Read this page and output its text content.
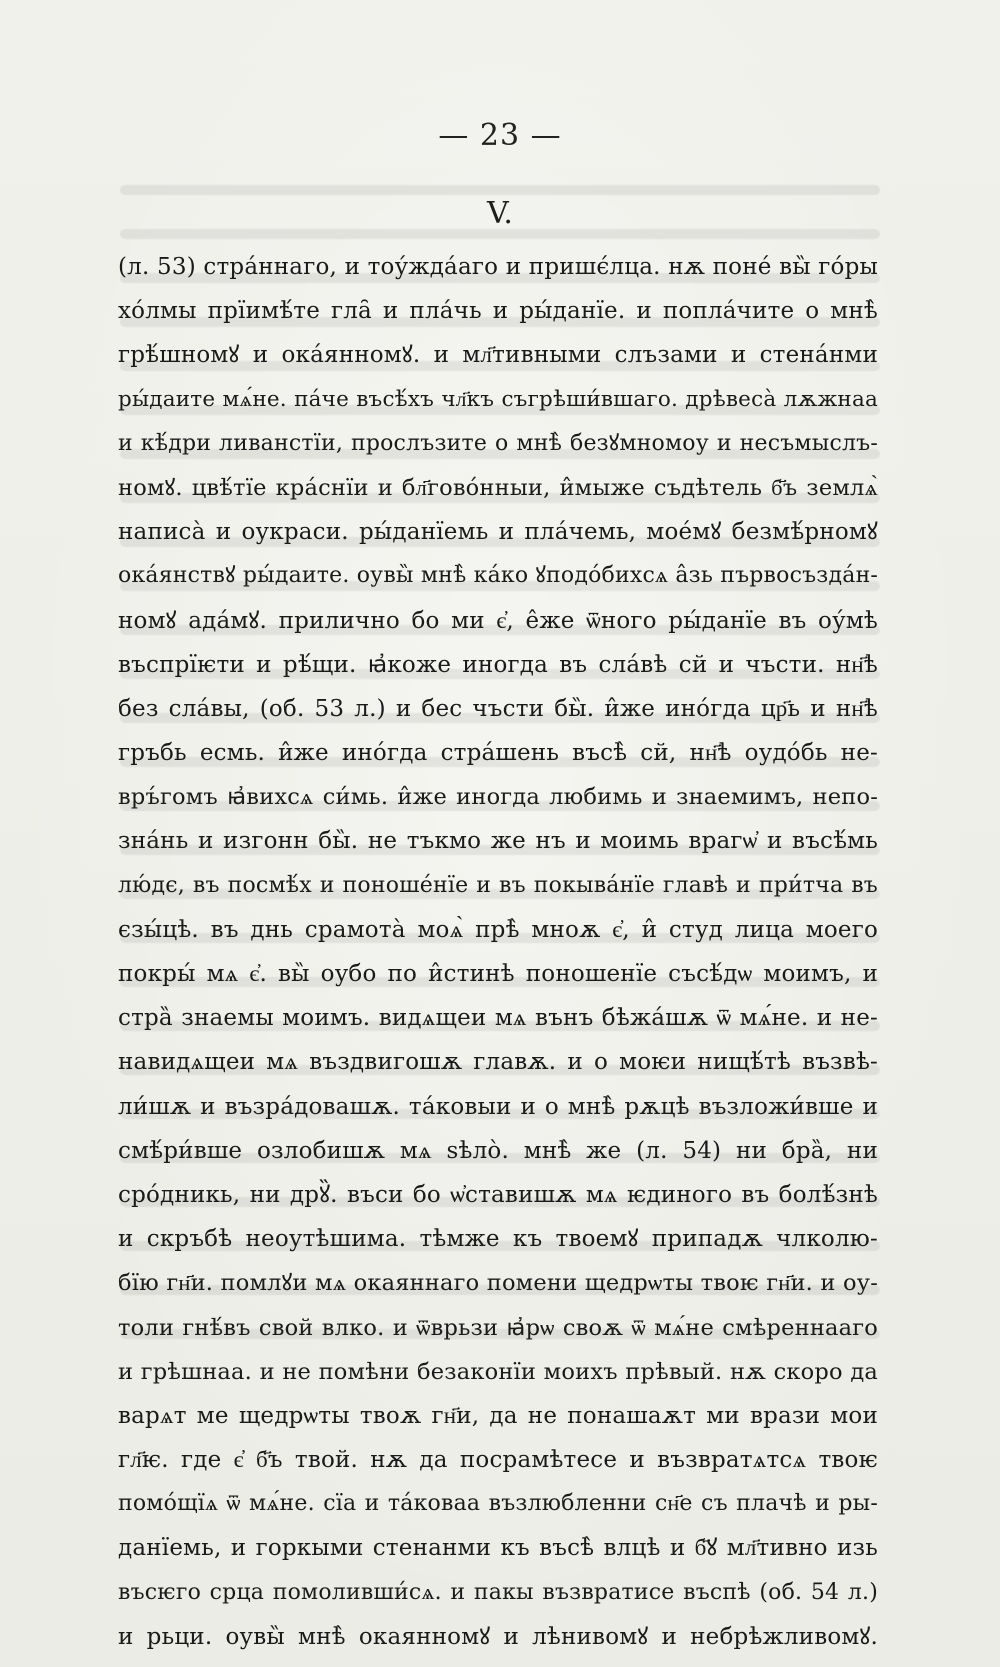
— 23 —
V.
(л. 53) стра́ннаго, и тоу́жда́аго и пришє́лца. нѫ поне́ вы̏ го́ры
хо́лмы прїимѣ́те гла̑ и пла́чь и ры́данїе. и попла́чите о мнѣ̀
грѣ́шномꙋ и ока́янномꙋ. и мл҃тивными слъзами и стена́нми
ры́даите мѧ́не. па́че въсѣ́хъ чл҃къ съгрѣши́вшаго. дрѣвеса̀ лѫжнаа
и кѣ́дри ливанстїи, прослъзите о мнѣ̀ безꙋмномоу и несъмыслъ-
номꙋ. цвѣ́тїе кра́снїи и бл҃гово́нныи, и̂мыже съдѣтель б҃ъ землѧ̀
написа̀ и оукраси. ры́данїемь и пла́чемь, мое́мꙋ безмѣ́рномꙋ
ока́янствꙋ ры́даите. оувы̏ мнѣ̀ ка́ко ꙋподо́бихсѧ а̂зь първосъзда́н-
номꙋ ада́мꙋ. прилично бо ми є҆, е̂же ѿного ры́данїе въ оу́мѣ
въспрїѥти и рѣ́щи. ꙗ҆коже иногда въ сла́вѣ сй и чъсти. нн҃ѣ
без сла́вы, (об. 53 л.) и бес чъсти бы̏. и̂же ино́гда цр҃ь и нн҃ѣ
гръбь есмь. и̂же ино́гда стра́шень въсѣ̀ сй, нн҃ѣ оудо́бь не-
връ́гомъ ꙗ҆вихсѧ си́мь. и̂же иногда любимь и знаемимъ, непо-
зна́нь и изгонн бы̏. не тъкмо же нъ и моимь врагѡ҆ и въсѣ́мь
лю́дє, въ посмѣ́х и поноше́нїе и въ покыва́нїе главѣ и при́тча въ
єзы́цѣ. въ днь срамота̀ моѧ̀ прѣ̀ мноѫ є҆, и̂ студ лица моего
покры́ мѧ є҆. вы̏ оубо по и̂стинѣ поношенїе съсѣ́дѡ моимъ, и
стра̏ знаемы моимъ. видѧщеи мѧ вънъ бѣжа́шѫ ѿ мѧ́не. и не-
навидѧщеи мѧ въздвигошѫ главѫ. и о моѥи нищѣ́тѣ възвѣ-
ли́шѫ и възра́довашѫ. та́ковыи и о мнѣ̀ рѫцѣ възложи́вше и
смѣ́ри́вше озлобишѫ мѧ ѕѣло̀. мнѣ̀ же (л. 54) ни бра̏, ни
сро́дникь, ни дрꙋ̏. въси бо ѡ҆ставишѫ мѧ ѥдиного въ болѣ́знѣ
и скръбѣ неоутѣшима. тѣмже къ твоемꙋ припадѫ члколю-
бїю гн҃и. помлꙋи мѧ окаяннаго помени щедрѡты твоѥ гн҃и. и оу-
толи гнѣ́въ свой влко. и ѿврьзи ꙗ҆рѡ своѫ ѿ мѧ́не смѣреннааго
и грѣшнаа. и не помѣни безаконїи моихъ прѣвый. нѫ скоро да
варѧт ме щедрѡты твоѫ гн҃и, да не понашаѫт ми врази мои
гл҃ѥ. где є҆ б҃ъ твой. нѫ да посрамѣтесе и възвратѧтсѧ твоѥ
помо́щїѧ ѿ мѧ́не. сїа и та́коваа възлюбленни сн҃е съ плачѣ и ры-
данїемь, и горкыми стенанми къ въсѣ̀ влцѣ и б҃ꙋ мл҃тивно изь
въсѥго срца помоливши́сѧ. и пакы възвратисе въспѣ (об. 54 л.)
и рьци. оувы̏ мнѣ̀ окаянномꙋ и лѣнивомꙋ и небрѣжливомꙋ.
